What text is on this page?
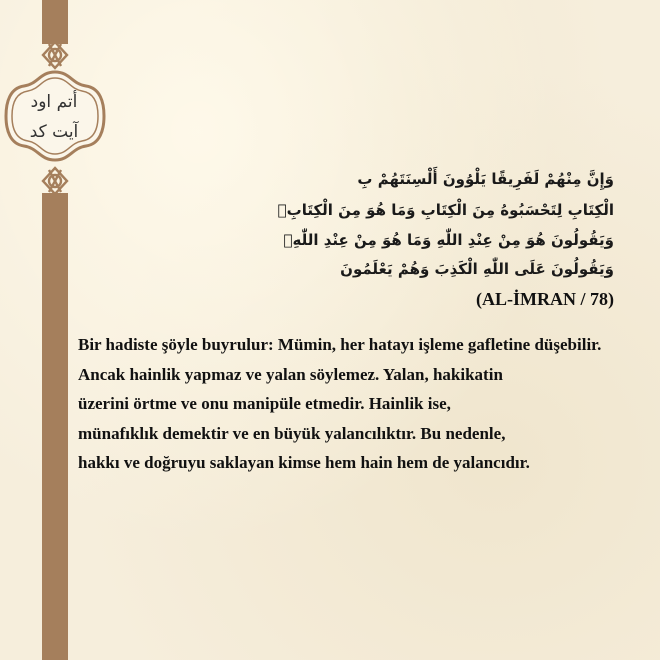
أتم اود
آيت كد
وَإِنَّ مِنْهُمْ لَفَرِيقًا يَلْوُونَ أَلْسِنَتَهُمْ بِ
الْكِتَابِ لِتَحْسَبُوهُ مِنَ الْكِتَابِ وَمَا هُوَ مِنَ الْكِتَابِۚ
وَيَقُولُونَ هُوَ مِنْ عِنْدِ اللّٰهِ وَمَا هُوَ مِنْ عِنْدِ اللّٰهِۚ
وَيَقُولُونَ عَلَى اللّٰهِ الْكَذِبَ وَهُمْ يَعْلَمُونَ
(AL-İMRAN / 78)
Bir hadiste şöyle buyrulur: Mümin, her hatayı işleme gafletine düşebilir.
Ancak hainlik yapmaz ve yalan söylemez. Yalan, hakikatin
üzerini örtme ve onu manipüle etmedir. Hainlik ise,
münafıklık demektir ve en büyük yalancılıktır. Bu nedenle,
hakkı ve doğruyu saklayan kimse hem hain hem de yalancıdır.
